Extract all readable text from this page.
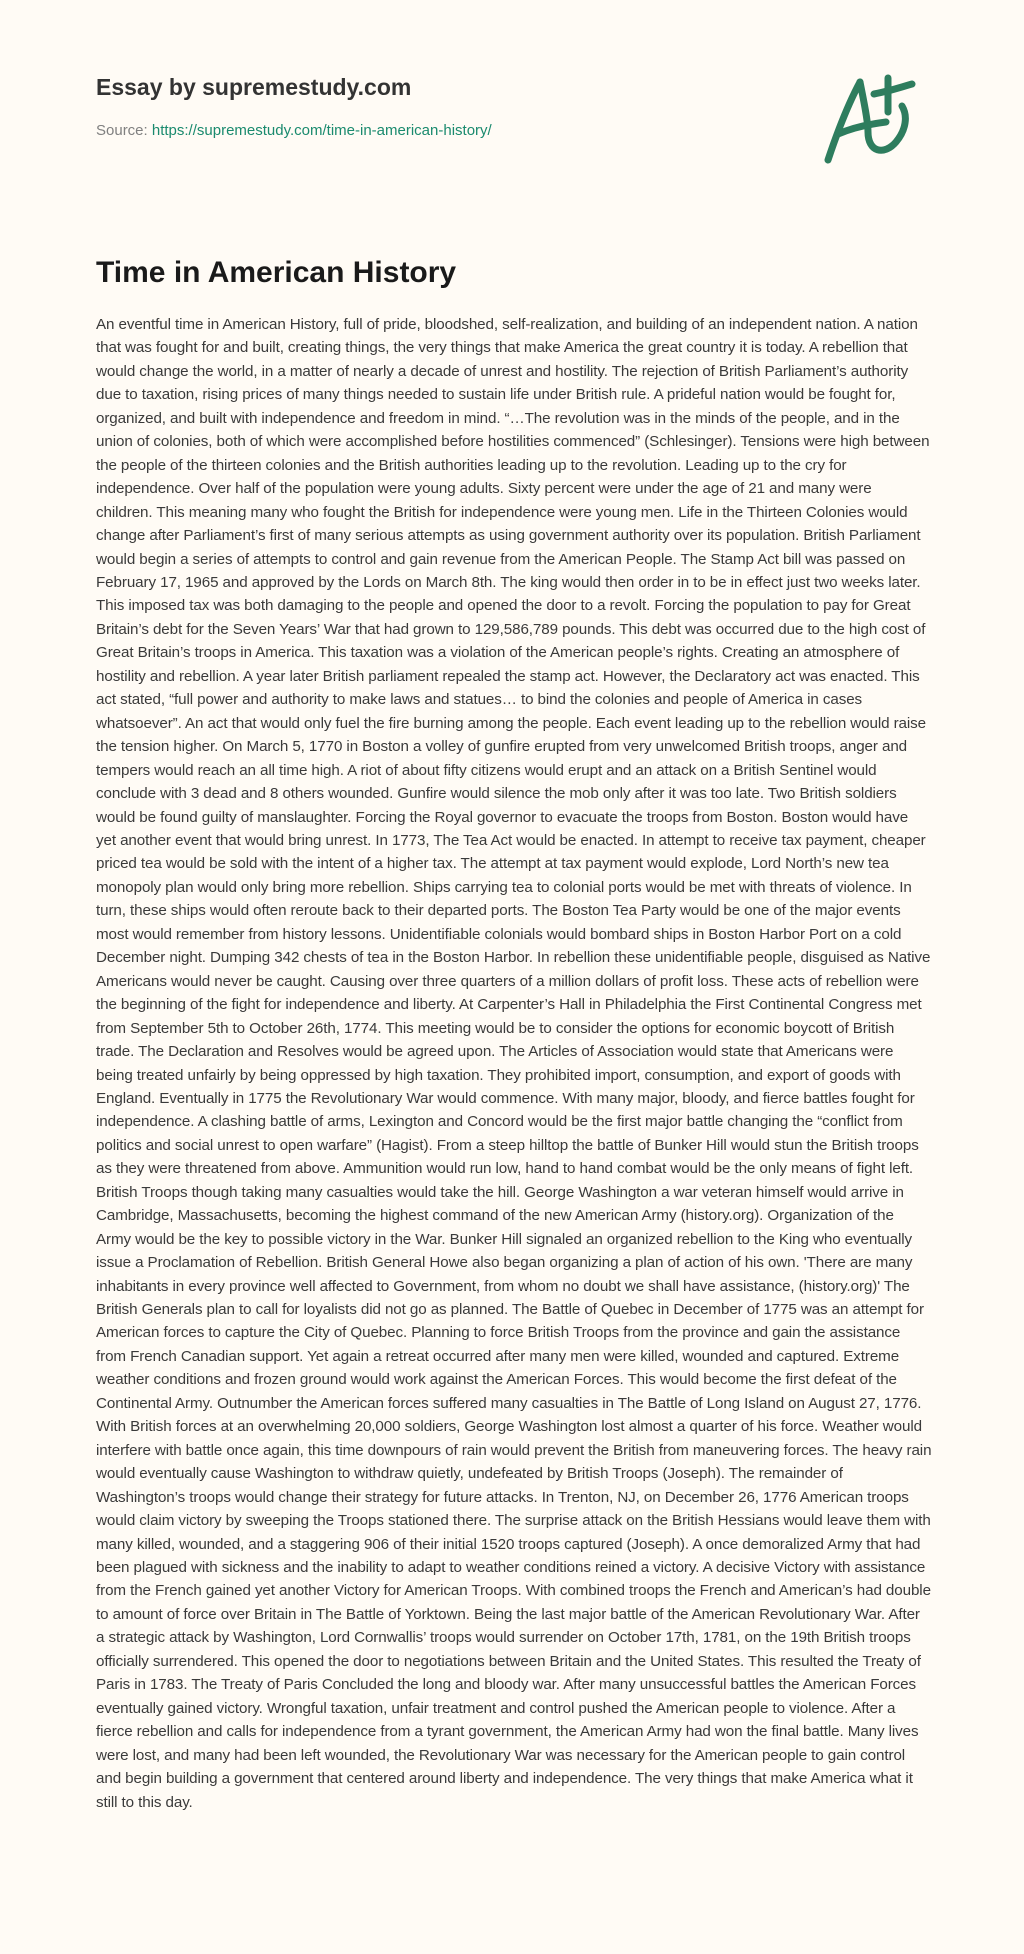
Essay by supremestudy.com
Source: https://supremestudy.com/time-in-american-history/
Time in American History

An eventful time in American History, full of pride, bloodshed, self-realization, and building of an independent nation. A nation that was fought for and built, creating things, the very things that make America the great country it is today. A rebellion that would change the world, in a matter of nearly a decade of unrest and hostility. The rejection of British Parliament’s authority due to taxation, rising prices of many things needed to sustain life under British rule. A prideful nation would be fought for, organized, and built with independence and freedom in mind. “…The revolution was in the minds of the people, and in the union of colonies, both of which were accomplished before hostilities commenced” (Schlesinger). Tensions were high between the people of the thirteen colonies and the British authorities leading up to the revolution. Leading up to the cry for independence. Over half of the population were young adults. Sixty percent were under the age of 21 and many were children. This meaning many who fought the British for independence were young men. Life in the Thirteen Colonies would change after Parliament’s first of many serious attempts as using government authority over its population. British Parliament would begin a series of attempts to control and gain revenue from the American People. The Stamp Act bill was passed on February 17, 1965 and approved by the Lords on March 8th. The king would then order in to be in effect just two weeks later. This imposed tax was both damaging to the people and opened the door to a revolt. Forcing the population to pay for Great Britain’s debt for the Seven Years’ War that had grown to 129,586,789 pounds. This debt was occurred due to the high cost of Great Britain’s troops in America. This taxation was a violation of the American people’s rights. Creating an atmosphere of hostility and rebellion. A year later British parliament repealed the stamp act. However, the Declaratory act was enacted. This act stated, “full power and authority to make laws and statues… to bind the colonies and people of America in cases whatsoever”. An act that would only fuel the fire burning among the people. Each event leading up to the rebellion would raise the tension higher. On March 5, 1770 in Boston a volley of gunfire erupted from very unwelcomed British troops, anger and tempers would reach an all time high. A riot of about fifty citizens would erupt and an attack on a British Sentinel would conclude with 3 dead and 8 others wounded. Gunfire would silence the mob only after it was too late. Two British soldiers would be found guilty of manslaughter. Forcing the Royal governor to evacuate the troops from Boston. Boston would have yet another event that would bring unrest. In 1773, The Tea Act would be enacted. In attempt to receive tax payment, cheaper priced tea would be sold with the intent of a higher tax. The attempt at tax payment would explode, Lord North’s new tea monopoly plan would only bring more rebellion. Ships carrying tea to colonial ports would be met with threats of violence. In turn, these ships would often reroute back to their departed ports. The Boston Tea Party would be one of the major events most would remember from history lessons. Unidentifiable colonials would bombard ships in Boston Harbor Port on a cold December night. Dumping 342 chests of tea in the Boston Harbor. In rebellion these unidentifiable people, disguised as Native Americans would never be caught. Causing over three quarters of a million dollars of profit loss. These acts of rebellion were the beginning of the fight for independence and liberty. At Carpenter’s Hall in Philadelphia the First Continental Congress met from September 5th to October 26th, 1774. This meeting would be to consider the options for economic boycott of British trade. The Declaration and Resolves would be agreed upon. The Articles of Association would state that Americans were being treated unfairly by being oppressed by high taxation. They prohibited import, consumption, and export of goods with England. Eventually in 1775 the Revolutionary War would commence. With many major, bloody, and fierce battles fought for independence. A clashing battle of arms, Lexington and Concord would be the first major battle changing the “conflict from politics and social unrest to open warfare” (Hagist). From a steep hilltop the battle of Bunker Hill would stun the British troops as they were threatened from above. Ammunition would run low, hand to hand combat would be the only means of fight left. British Troops though taking many casualties would take the hill. George Washington a war veteran himself would arrive in Cambridge, Massachusetts, becoming the highest command of the new American Army (history.org). Organization of the Army would be the key to possible victory in the War. Bunker Hill signaled an organized rebellion to the King who eventually issue a Proclamation of Rebellion. British General Howe also began organizing a plan of action of his own. 'There are many inhabitants in every province well affected to Government, from whom no doubt we shall have assistance, (history.org)' The British Generals plan to call for loyalists did not go as planned. The Battle of Quebec in December of 1775 was an attempt for American forces to capture the City of Quebec. Planning to force British Troops from the province and gain the assistance from French Canadian support. Yet again a retreat occurred after many men were killed, wounded and captured. Extreme weather conditions and frozen ground would work against the American Forces. This would become the first defeat of the Continental Army. Outnumber the American forces suffered many casualties in The Battle of Long Island on August 27, 1776. With British forces at an overwhelming 20,000 soldiers, George Washington lost almost a quarter of his force. Weather would interfere with battle once again, this time downpours of rain would prevent the British from maneuvering forces. The heavy rain would eventually cause Washington to withdraw quietly, undefeated by British Troops (Joseph). The remainder of Washington’s troops would change their strategy for future attacks. In Trenton, NJ, on December 26, 1776 American troops would claim victory by sweeping the Troops stationed there. The surprise attack on the British Hessians would leave them with many killed, wounded, and a staggering 906 of their initial 1520 troops captured (Joseph). A once demoralized Army that had been plagued with sickness and the inability to adapt to weather conditions reined a victory. A decisive Victory with assistance from the French gained yet another Victory for American Troops. With combined troops the French and American’s had double to amount of force over Britain in The Battle of Yorktown. Being the last major battle of the American Revolutionary War. After a strategic attack by Washington, Lord Cornwallis’ troops would surrender on October 17th, 1781, on the 19th British troops officially surrendered. This opened the door to negotiations between Britain and the United States. This resulted the Treaty of Paris in 1783. The Treaty of Paris Concluded the long and bloody war. After many unsuccessful battles the American Forces eventually gained victory. Wrongful taxation, unfair treatment and control pushed the American people to violence. After a fierce rebellion and calls for independence from a tyrant government, the American Army had won the final battle. Many lives were lost, and many had been left wounded, the Revolutionary War was necessary for the American people to gain control and begin building a government that centered around liberty and independence. The very things that make America what it still to this day.
